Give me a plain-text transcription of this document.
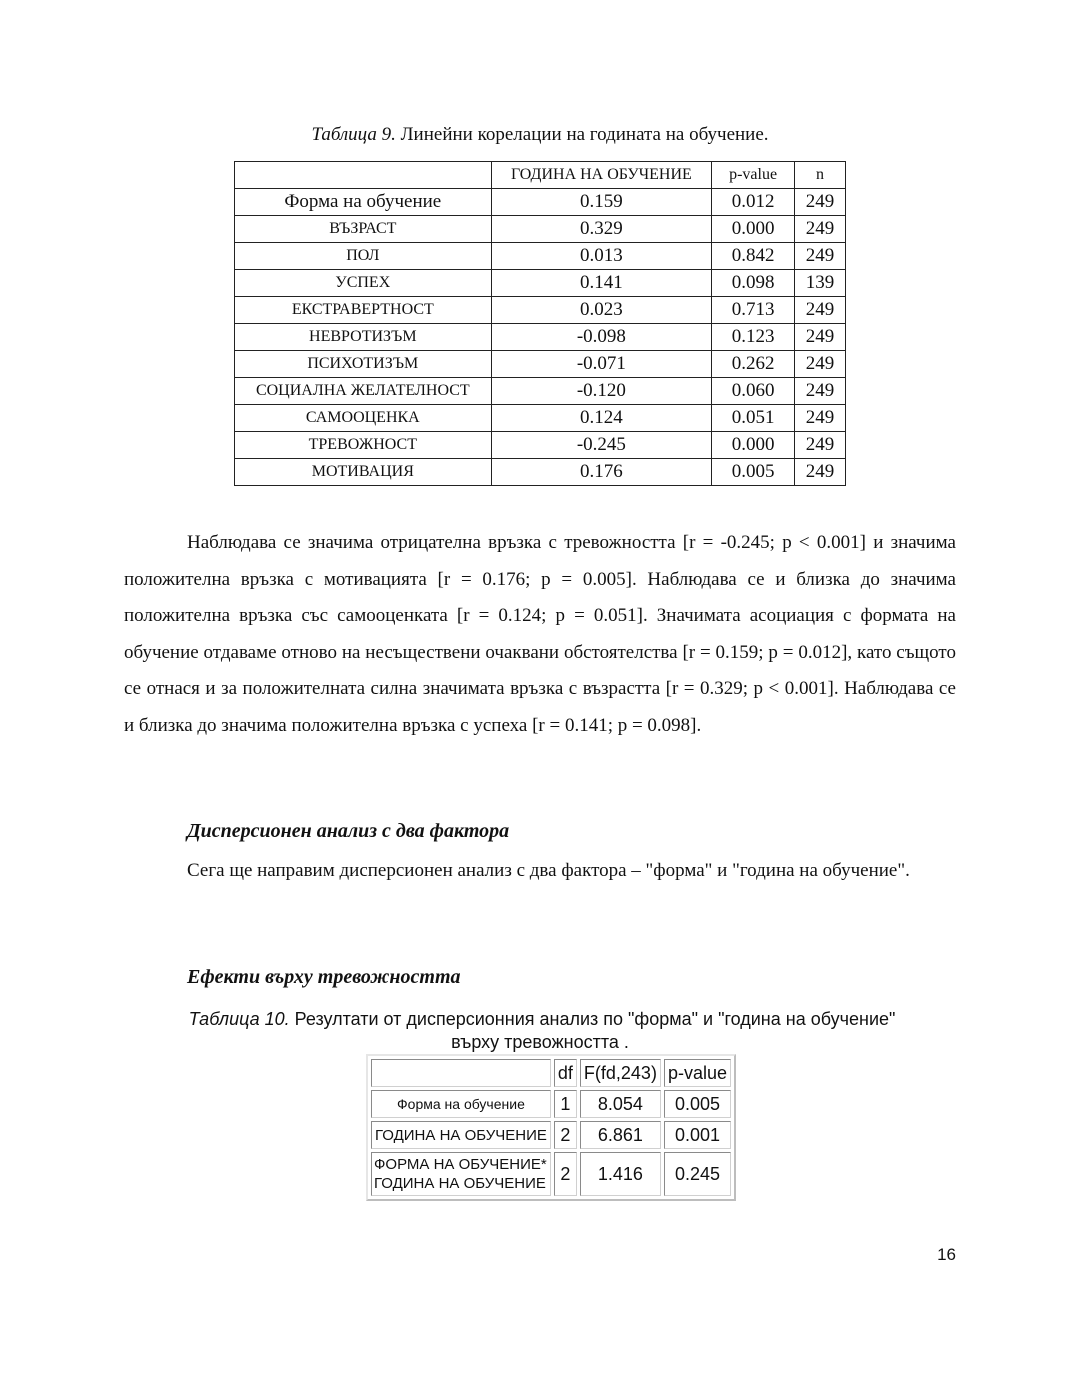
Таблица 9. Линейни корелации на годината на обучение.
	ГОДИНА НА ОБУЧЕНИЕ	p-value	n
Форма на обучение	0.159	0.012	249
ВЪЗРАСТ	0.329	0.000	249
ПОЛ	0.013	0.842	249
УСПЕХ	0.141	0.098	139
ЕКСТРАВЕРТНОСТ	0.023	0.713	249
НЕВРОТИЗЪМ	-0.098	0.123	249
ПСИХОТИЗЪМ	-0.071	0.262	249
СОЦИАЛНА ЖЕЛАТЕЛНОСТ	-0.120	0.060	249
САМООЦЕНКА	0.124	0.051	249
ТРЕВОЖНОСТ	-0.245	0.000	249
МОТИВАЦИЯ	0.176	0.005	249

Наблюдава се значима отрицателна връзка с тревожността [r = -0.245; p < 0.001] и значима положителна връзка с мотивацията [r = 0.176; p = 0.005]. Наблюдава се и близка до значима положителна връзка със самооценката [r = 0.124; p = 0.051]. Значимата асоциация с формата на обучение отдаваме отново на несъществени очаквани обстоятелства [r = 0.159; p = 0.012], като същото се отнася и за положителната силна значимата връзка с възрастта [r = 0.329; p < 0.001]. Наблюдава се и близка до значима положителна връзка с успеха [r = 0.141; p = 0.098].

Дисперсионен анализ с два фактора

Сега ще направим дисперсионен анализ с два фактора – "форма" и "година на обучение".

Ефекти върху тревожността
Таблица 10. Резултати от дисперсионния анализ по "форма" и "година на обучение"
върху тревожността .
	df	F(fd,243)	p-value
Форма на обучение	1	8.054	0.005
ГОДИНА НА ОБУЧЕНИЕ	2	6.861	0.001

ФОРМА НА ОБУЧЕНИЕ*
ГОДИНА НА ОБУЧЕНИЕ	2	1.416	0.245
16
